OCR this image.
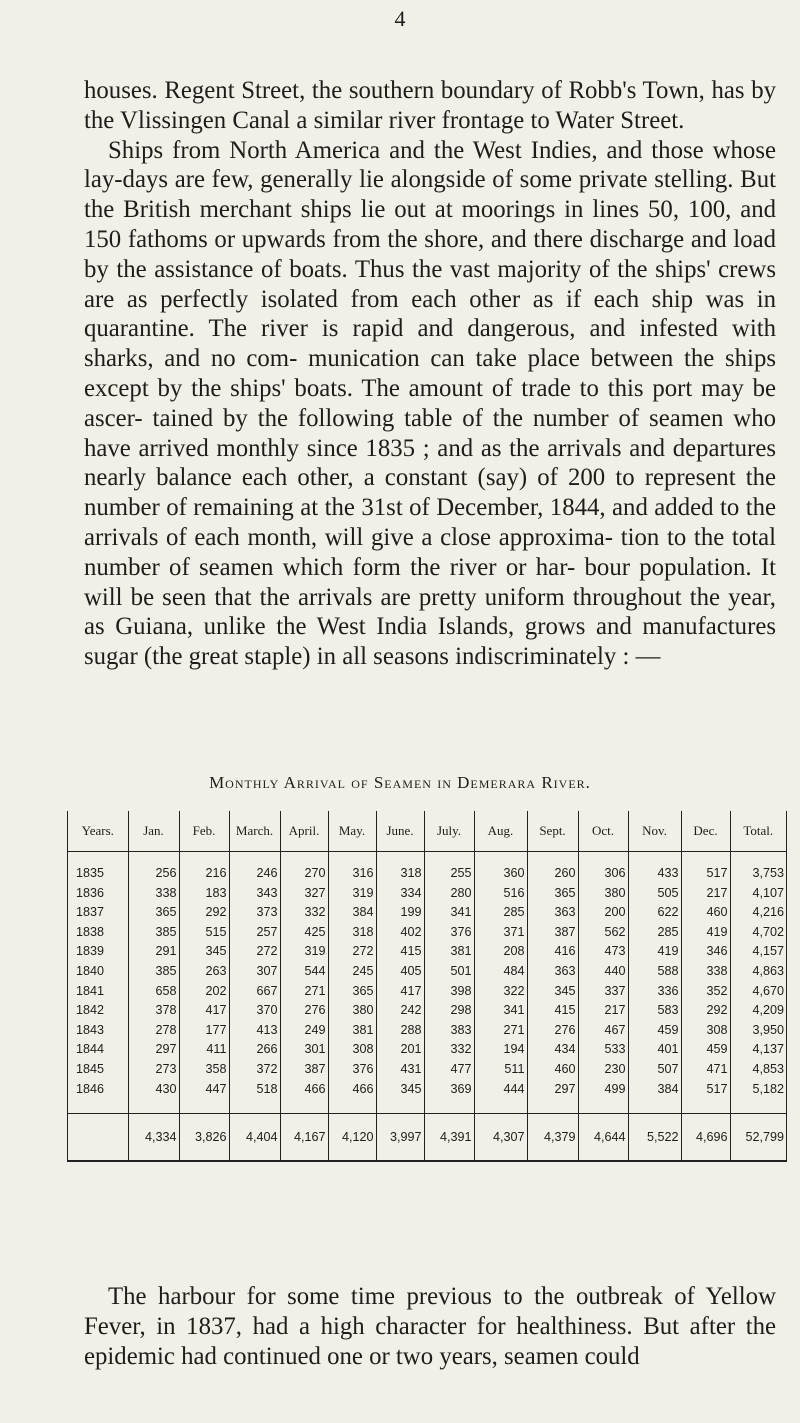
4

houses. Regent Street, the southern boundary of Robb's Town, has by the Vlissingen Canal a similar river frontage to Water Street.

Ships from North America and the West Indies, and those whose lay-days are few, generally lie alongside of some private stelling. But the British merchant ships lie out at moorings in lines 50, 100, and 150 fathoms or upwards from the shore, and there discharge and load by the assistance of boats. Thus the vast majority of the ships' crews are as perfectly isolated from each other as if each ship was in quarantine. The river is rapid and dangerous, and infested with sharks, and no com- munication can take place between the ships except by the ships' boats. The amount of trade to this port may be ascer- tained by the following table of the number of seamen who have arrived monthly since 1835 ; and as the arrivals and departures nearly balance each other, a constant (say) of 200 to represent the number of remaining at the 31st of December, 1844, and added to the arrivals of each month, will give a close approxima- tion to the total number of seamen which form the river or har- bour population. It will be seen that the arrivals are pretty uniform throughout the year, as Guiana, unlike the West India Islands, grows and manufactures sugar (the great staple) in all seasons indiscriminately : —

Monthly Arrival of Seamen in Demerara River.
Years.	Jan.	Feb.	March.	April.	May.	June.	July.	Aug.	Sept.	Oct.	Nov.	Dec.	Total.
1835	256	216	246	270	316	318	255	360	260	306	433	517	3,753
1836	338	183	343	327	319	334	280	516	365	380	505	217	4,107
1837	365	292	373	332	384	199	341	285	363	200	622	460	4,216
1838	385	515	257	425	318	402	376	371	387	562	285	419	4,702
1839	291	345	272	319	272	415	381	208	416	473	419	346	4,157
1840	385	263	307	544	245	405	501	484	363	440	588	338	4,863
1841	658	202	667	271	365	417	398	322	345	337	336	352	4,670
1842	378	417	370	276	380	242	298	341	415	217	583	292	4,209
1843	278	177	413	249	381	288	383	271	276	467	459	308	3,950
1844	297	411	266	301	308	201	332	194	434	533	401	459	4,137
1845	273	358	372	387	376	431	477	511	460	230	507	471	4,853
1846	430	447	518	466	466	345	369	444	297	499	384	517	5,182

	4,334	3,826	4,404	4,167	4,120	3,997	4,391	4,307	4,379	4,644	5,522	4,696	52,799

The harbour for some time previous to the outbreak of Yellow Fever, in 1837, had a high character for healthiness. But after the epidemic had continued one or two years, seamen could
